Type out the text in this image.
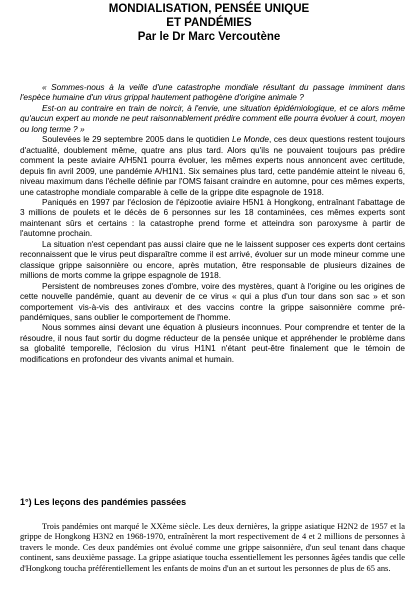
MONDIALISATION, PENSÉE UNIQUE
ET PANDÉMIES
Par le Dr Marc Vercoutène

« Sommes-nous à la veille d'une catastrophe mondiale résultant du passage imminent dans l'espèce humaine d'un virus grippal hautement pathogène d'origine animale ?

Est-on au contraire en train de noircir, à l'envie, une situation épidémiologique, et ce alors même qu'aucun expert au monde ne peut raisonnablement prédire comment elle pourra évoluer à court, moyen ou long terme ? »

Soulevées le 29 septembre 2005 dans le quotidien Le Monde, ces deux questions restent toujours d'actualité, doublement même, quatre ans plus tard. Alors qu'ils ne pouvaient toujours pas prédire comment la peste aviaire A/H5N1 pourra évoluer, les mêmes experts nous annoncent avec certitude, depuis fin avril 2009, une pandémie A/H1N1. Six semaines plus tard, cette pandémie atteint le niveau 6, niveau maximum dans l'échelle définie par l'OMS faisant craindre en automne, pour ces mêmes experts, une catastrophe mondiale comparable à celle de la grippe dite espagnole de 1918.

Paniqués en 1997 par l'éclosion de l'épizootie aviaire H5N1 à Hongkong, entraînant l'abattage de 3 millions de poulets et le décès de 6 personnes sur les 18 contaminées, ces mêmes experts sont maintenant sûrs et certains : la catastrophe prend forme et atteindra son paroxysme à partir de l'automne prochain.

La situation n'est cependant pas aussi claire que ne le laissent supposer ces experts dont certains reconnaissent que le virus peut disparaître comme il est arrivé, évoluer sur un mode mineur comme une classique grippe saisonnière ou encore, après mutation, être responsable de plusieurs dizaines de millions de morts comme la grippe espagnole de 1918.

Persistent de nombreuses zones d'ombre, voire des mystères, quant à l'origine ou les origines de cette nouvelle pandémie, quant au devenir de ce virus « qui a plus d'un tour dans son sac » et son comportement vis-à-vis des antiviraux et des vaccins contre la grippe saisonnière comme pré-pandémiques, sans oublier le comportement de l'homme.

Nous sommes ainsi devant une équation à plusieurs inconnues. Pour comprendre et tenter de la résoudre, il nous faut sortir du dogme réducteur de la pensée unique et appréhender le problème dans sa globalité temporelle, l'éclosion du virus H1N1 n'étant peut-être finalement que le témoin de modifications en profondeur des vivants animal et humain.

1°) Les leçons des pandémies passées

Trois pandémies ont marqué le XXème siècle. Les deux dernières, la grippe asiatique H2N2 de 1957 et la grippe de Hongkong H3N2 en 1968-1970, entraînèrent la mort respectivement de 4 et 2 millions de personnes à travers le monde. Ces deux pandémies ont évolué comme une grippe saisonnière, d'un seul tenant dans chaque continent, sans deuxième passage. La grippe asiatique toucha essentiellement les personnes âgées tandis que celle d'Hongkong toucha préférentiellement les enfants de moins d'un an et surtout les personnes de plus de 65 ans.
